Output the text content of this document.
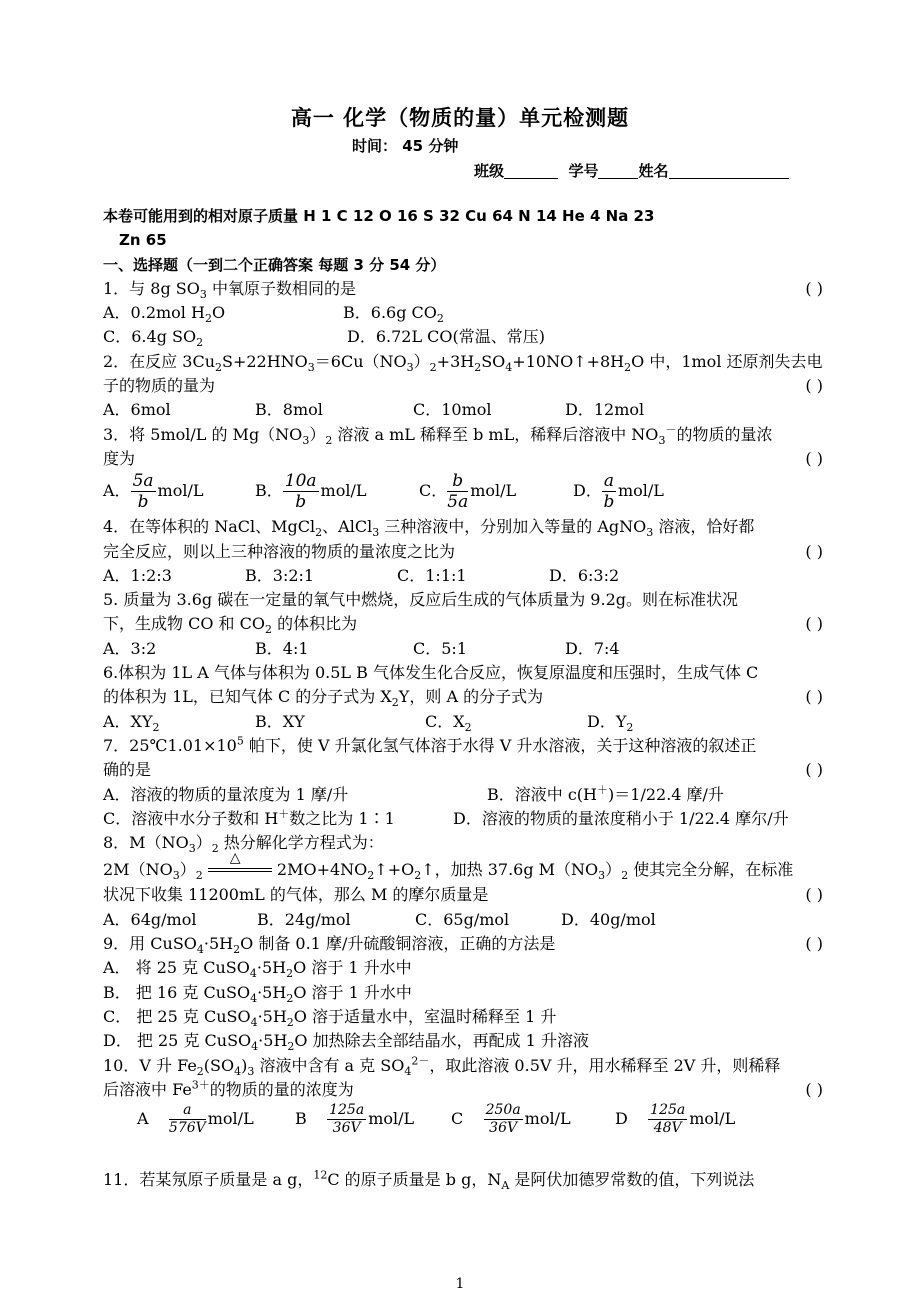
高一 化学（物质的量）单元检测题
时间： 45 分钟
班级	学号	姓名
本卷可能用到的相对原子质量 H 1 C 12 O 16 S 32 Cu 64 N 14 He 4 Na 23
Zn 65
一、选择题（一到二个正确答案 每题 3 分 54 分）
1．与 8g $SO_3$ 中氧原子数相同的是	( )
A．0.2mol $H_2O$	B．6.6g $CO_2$
C．6.4g $SO_2$	D．6.72L CO(常温、常压)
2．在反应 $3Cu_2S+22HNO_3=6Cu(NO_3)_2+3H_2SO_4+10NO↑+8H_2O$ 中，1mol 还原剂失去电
子的物质的量为	( )
A．6mol	B．8mol	C．10mol	D．12mol
3．将 5mol/L 的 $Mg(NO_3)_2$ 溶液 a mL 稀释至 b mL，稀释后溶液中 $NO_3^-$的物质的量浓
度为	( )
A． $\frac{5a}{b} mol/L$	B． $\frac{10a}{b} mol/L$	C． $\frac{b}{5a} mol/L$	D． $\frac{a}{b} mol/L$
4．在等体积的 NaCl、MgCl$_2$、AlCl$_3$ 三种溶液中，分别加入等量的 AgNO$_3$ 溶液，恰好都
完全反应，则以上三种溶液的物质的量浓度之比为	( )
A．1:2:3	B．3:2:1	C．1:1:1	D．6:3:2
5. 质量为 3.6g 碳在一定量的氧气中燃烧，反应后生成的气体质量为 9.2g。则在标准状况
下，生成物 CO 和 $CO_2$ 的体积比为	( )
A．3:2	B．4:1	C．5:1	D．7:4
6.体积为 1L A 气体与体积为 0.5L B 气体发生化合反应，恢复原温度和压强时，生成气体 C
的体积为 1L，已知气体 C 的分子式为 $X_2Y$，则 A 的分子式为	( )
A．$XY_2$	B．XY	C．$X_2$	D．$Y_2$
7．$25℃1.01\times 10^5$ 帕下，使 V 升氯化氢气体溶于水得 V 升水溶液，关于这种溶液的叙述正
确的是	( )
A．溶液的物质的量浓度为 1 摩/升	B．溶液中 c(H＋)＝1/22.4 摩/升
C．溶液中水分子数和 H＋数之比为 1∶1	D．溶液的物质的量浓度稍小于 1/22.4 摩尔/升
8．$M(NO_3)_2$ 热分解化学方程式为：
$2M(NO_3)_2$
△
$2MO+4NO_2↑+O_2↑$，加热 37.6g $M(NO_3)_2$ 使其完全分解，在标准
状况下收集 11200mL 的气体，那么 M 的摩尔质量是	( )
A．64g/mol	B．24g/mol	C．65g/mol	D．40g/mol
9．用 $CuSO_4\cdot 5H_2O$ 制备 0.1 摩/升硫酸铜溶液，正确的方法是	( )
A． 将 25 克 $CuSO_4\cdot 5H_2O$ 溶于 1 升水中
B． 把 16 克 $CuSO_4\cdot 5H_2O$ 溶于 1 升水中
C． 把 25 克 $CuSO_4\cdot 5H_2O$ 溶于适量水中，室温时稀释至 1 升
D． 把 25 克 $CuSO_4\cdot 5H_2O$ 加热除去全部结晶水，再配成 1 升溶液
10．V 升 $Fe_2(SO_4)_3$ 溶液中含有 a 克 $SO_4^{2-}$，取此溶液 0.5V 升，用水稀释至 2V 升，则稀释
后溶液中 $Fe^{3+}$的物质的量的浓度为	( )
A $\frac{a}{576V} mol/L$	B $\frac{125a}{36V} mol/L$ C $\frac{250a}{36V} mol/L$	D $\frac{125a}{48V} mol/L$
11．若某氖原子质量是 a g，$^{12}$C 的原子质量是 b g，$N_A$ 是阿伏加德罗常数的值，下列说法
1
